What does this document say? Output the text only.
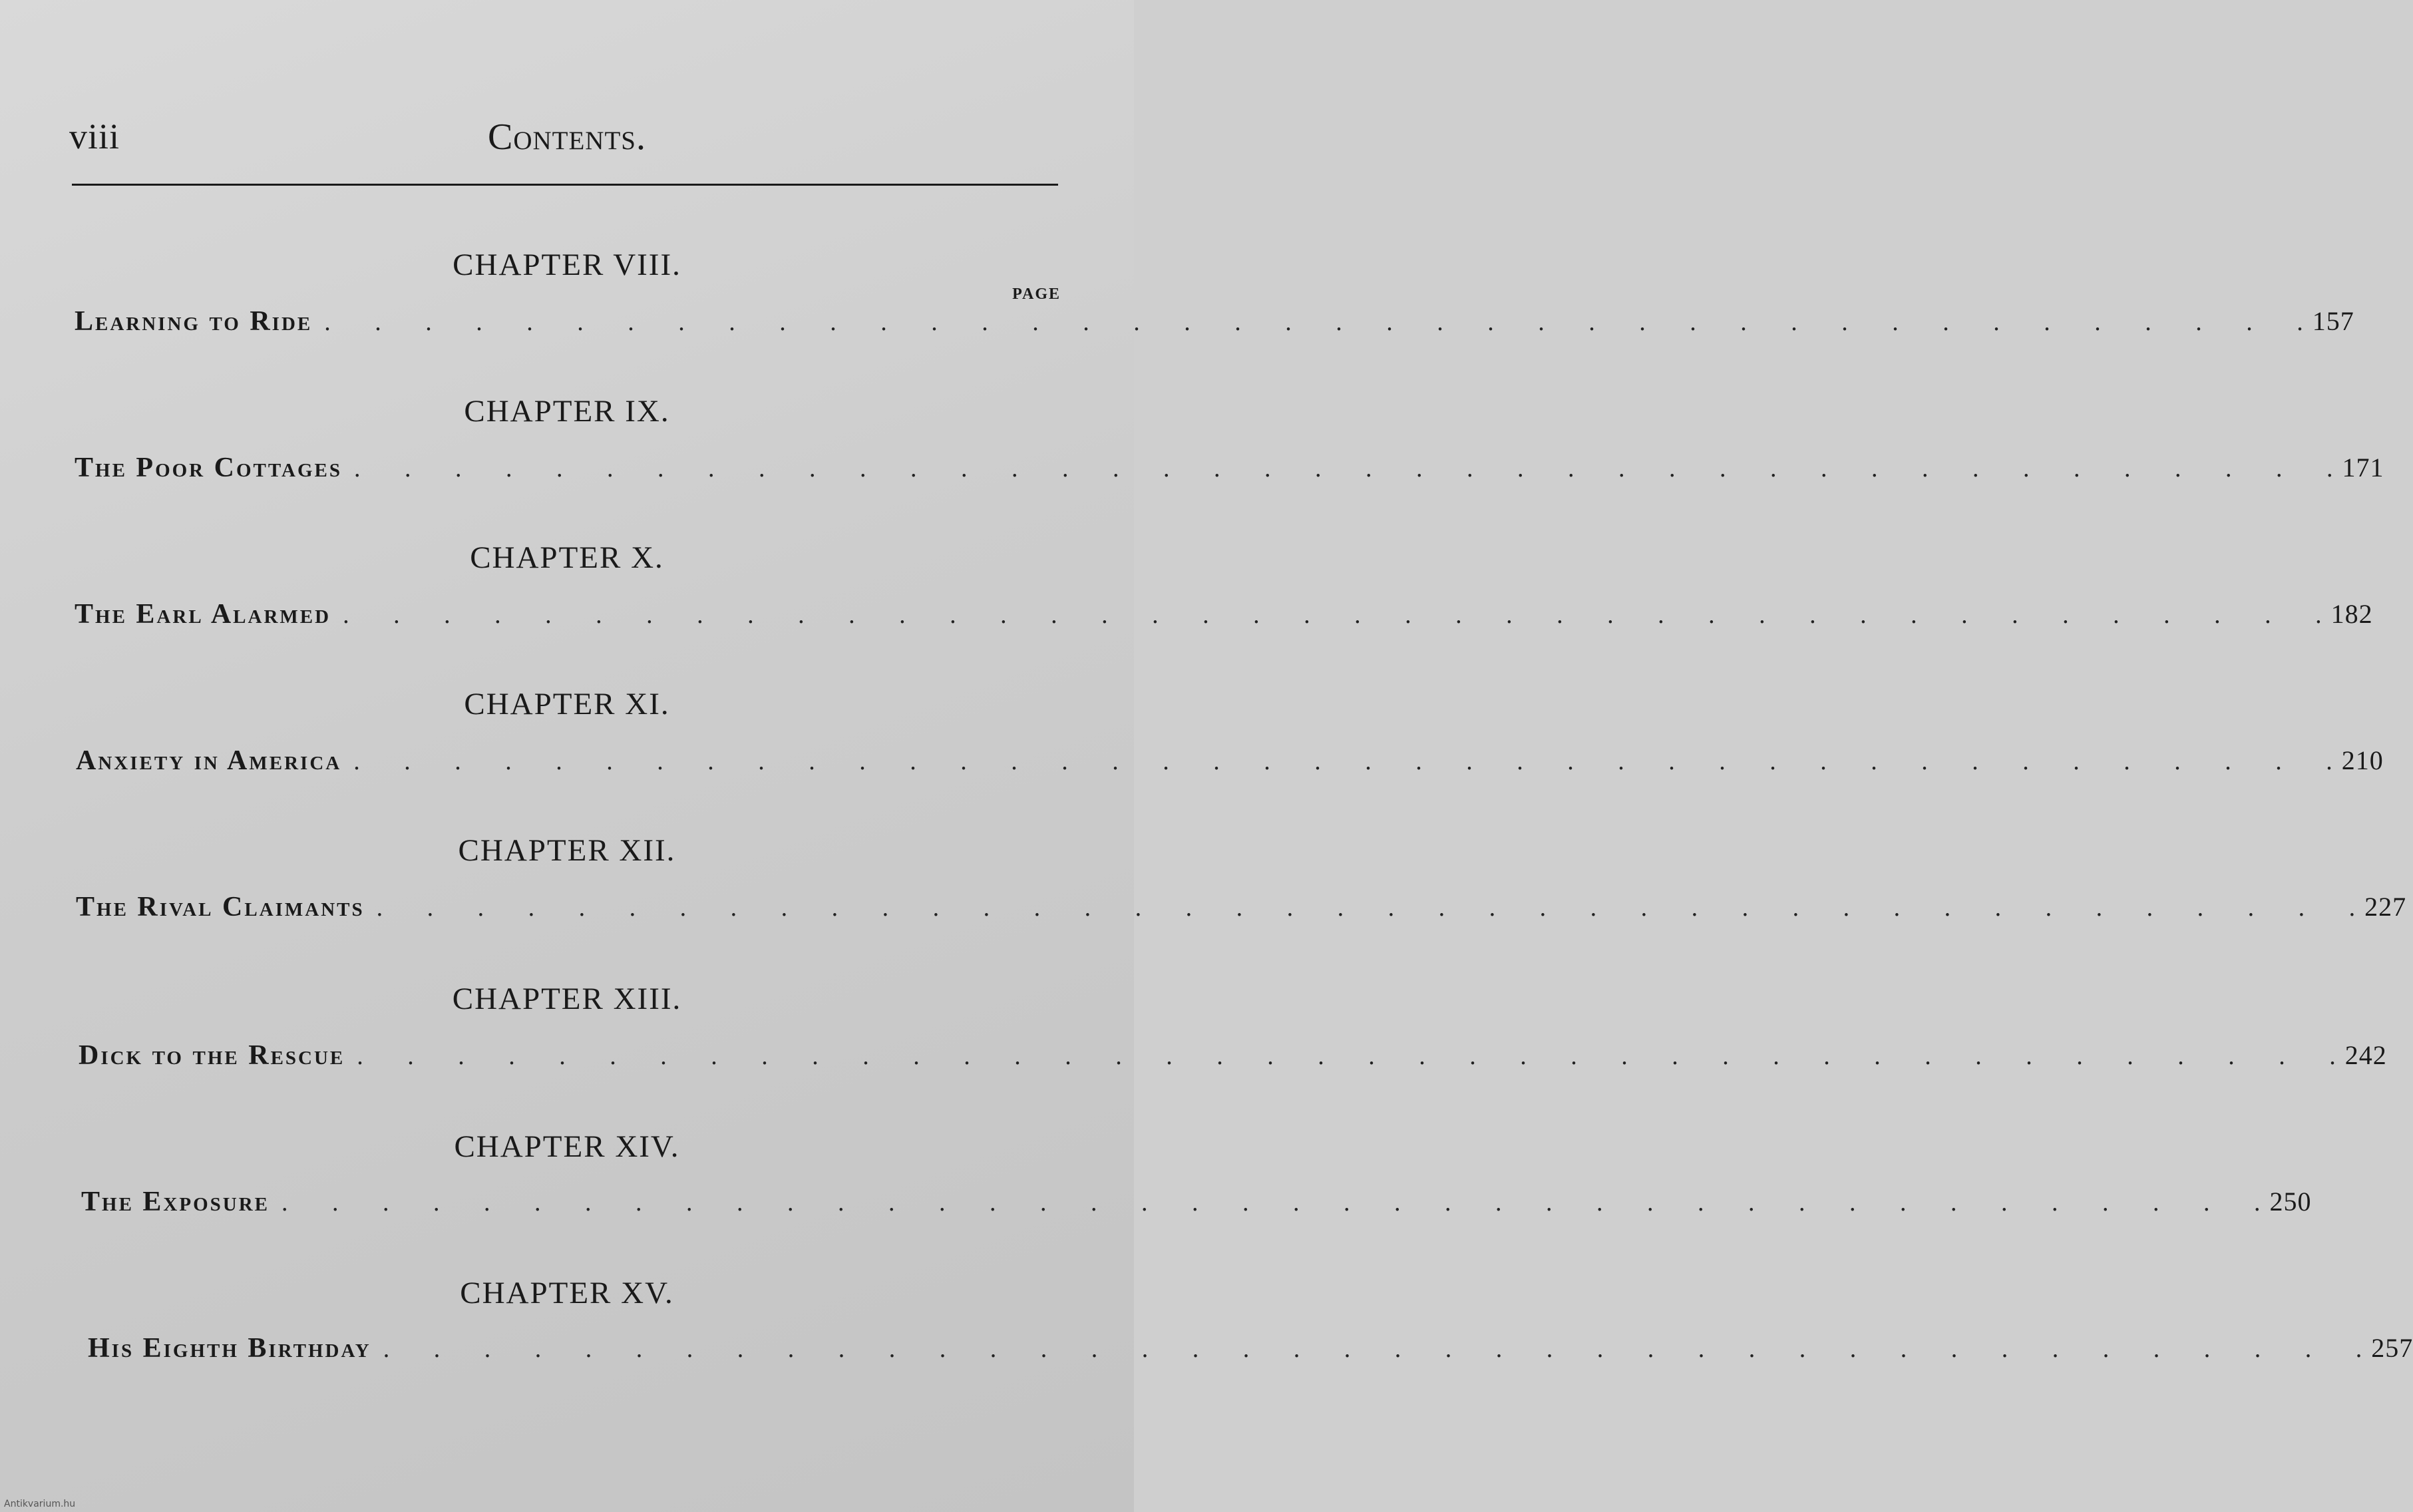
viii	Contents.
PAGE
CHAPTER VIII.
Learning to Ride .       .       .       .       .       .       .       .       .       .       .       .       .       .       .       .       .       .       .       .       .       .       .       .       .       .       .       .       .       .       .       .       .       .       .       .       .       .       .       . 157
CHAPTER IX.
The Poor Cottages .       .       .       .       .       .       .       .       .       .       .       .       .       .       .       .       .       .       .       .       .       .       .       .       .       .       .       .       .       .       .       .       .       .       .       .       .       .       .       . 171
CHAPTER X.
The Earl Alarmed .       .       .       .       .       .       .       .       .       .       .       .       .       .       .       .       .       .       .       .       .       .       .       .       .       .       .       .       .       .       .       .       .       .       .       .       .       .       .       . 182
CHAPTER XI.
Anxiety in America .       .       .       .       .       .       .       .       .       .       .       .       .       .       .       .       .       .       .       .       .       .       .       .       .       .       .       .       .       .       .       .       .       .       .       .       .       .       .       . 210
CHAPTER XII.
The Rival Claimants .       .       .       .       .       .       .       .       .       .       .       .       .       .       .       .       .       .       .       .       .       .       .       .       .       .       .       .       .       .       .       .       .       .       .       .       .       .       .       . 227
CHAPTER XIII.
Dick to the Rescue .       .       .       .       .       .       .       .       .       .       .       .       .       .       .       .       .       .       .       .       .       .       .       .       .       .       .       .       .       .       .       .       .       .       .       .       .       .       .       . 242
CHAPTER XIV.
The Exposure .       .       .       .       .       .       .       .       .       .       .       .       .       .       .       .       .       .       .       .       .       .       .       .       .       .       .       .       .       .       .       .       .       .       .       .       .       .       .       . 250
CHAPTER XV.
His Eighth Birthday .       .       .       .       .       .       .       .       .       .       .       .       .       .       .       .       .       .       .       .       .       .       .       .       .       .       .       .       .       .       .       .       .       .       .       .       .       .       .       . 257
Antikvarium.hu
